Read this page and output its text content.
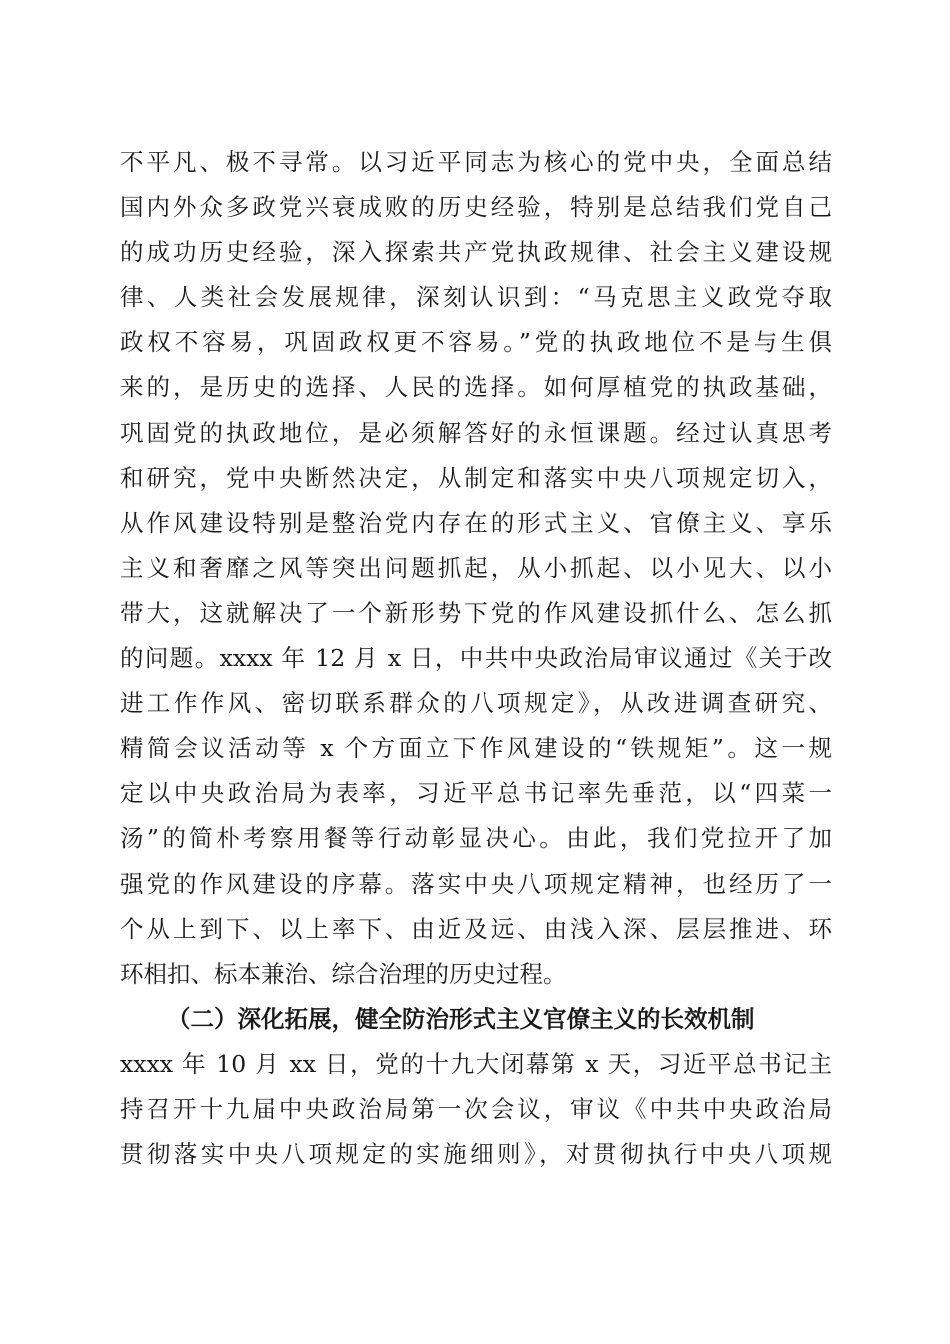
不平凡、极不寻常。以习近平同志为核心的党中央，全面总结
国内外众多政党兴衰成败的历史经验，特别是总结我们党自己
的成功历史经验，深入探索共产党执政规律、社会主义建设规
律、人类社会发展规律，深刻认识到：“马克思主义政党夺取
政权不容易，巩固政权更不容易。”党的执政地位不是与生俱
来的，是历史的选择、人民的选择。如何厚植党的执政基础，
巩固党的执政地位，是必须解答好的永恒课题。经过认真思考
和研究，党中央断然决定，从制定和落实中央八项规定切入，
从作风建设特别是整治党内存在的形式主义、官僚主义、享乐
主义和奢靡之风等突出问题抓起，从小抓起、以小见大、以小
带大，这就解决了一个新形势下党的作风建设抓什么、怎么抓
的问题。xxxx 年 12 月 x 日，中共中央政治局审议通过《关于改
进工作作风、密切联系群众的八项规定》，从改进调查研究、
精简会议活动等 x 个方面立下作风建设的“铁规矩”。这一规
定以中央政治局为表率，习近平总书记率先垂范，以“四菜一
汤”的简朴考察用餐等行动彰显决心。由此，我们党拉开了加
强党的作风建设的序幕。落实中央八项规定精神，也经历了一
个从上到下、以上率下、由近及远、由浅入深、层层推进、环
环相扣、标本兼治、综合治理的历史过程。
（二）深化拓展，健全防治形式主义官僚主义的长效机制
xxxx 年 10 月 xx 日，党的十九大闭幕第 x 天，习近平总书记主
持召开十九届中央政治局第一次会议，审议《中共中央政治局
贯彻落实中央八项规定的实施细则》，对贯彻执行中央八项规
